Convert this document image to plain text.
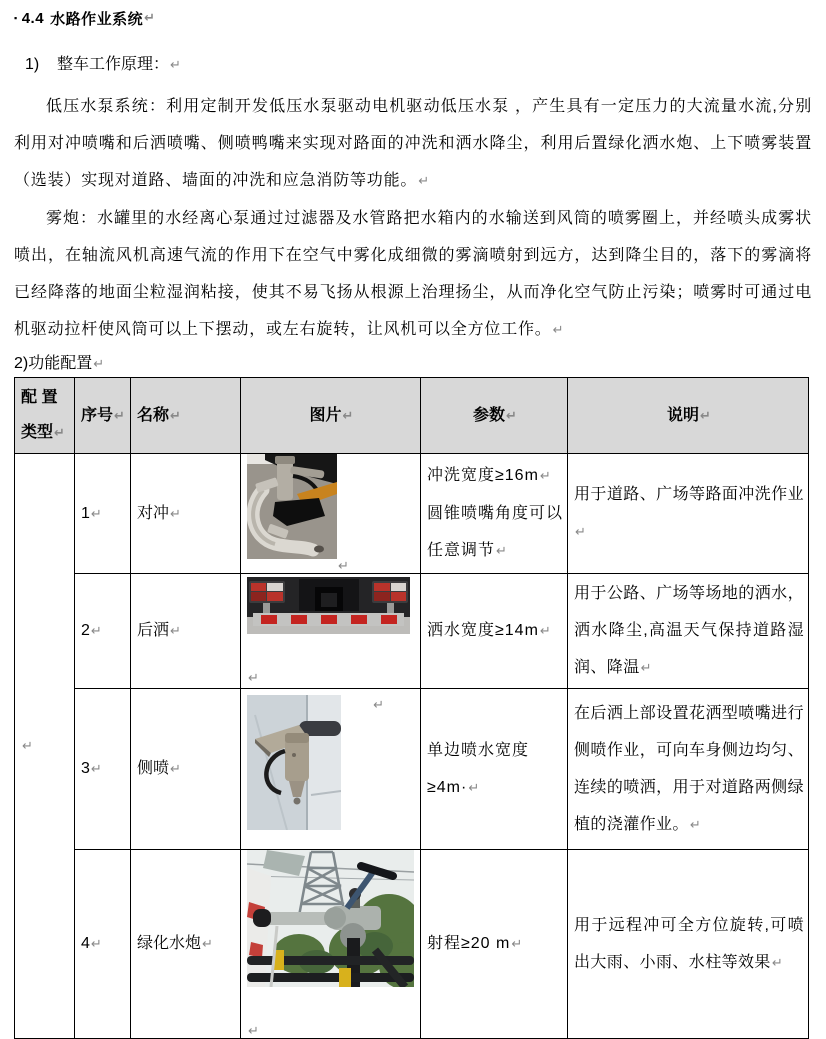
▪ 4.4 水路作业系统 ↵
1) 整车工作原理：↵
低压水泵系统：利用定制开发低压水泵驱动电机驱动低压水泵 ，产生具有一定压力的大流量水流,分别利用对冲喷嘴和后洒喷嘴、侧喷鸭嘴来实现对路面的冲洗和洒水降尘，利用后置绿化洒水炮、上下喷雾装置（选装）实现对道路、墙面的冲洗和应急消防等功能。↵
雾炮：水罐里的水经离心泵通过过滤器及水管路把水箱内的水输送到风筒的喷雾圈上，并经喷头成雾状喷出，在轴流风机高速气流的作用下在空气中雾化成细微的雾滴喷射到远方，达到降尘目的，落下的雾滴将已经降落的地面尘粒湿润粘接，使其不易飞扬从根源上治理扬尘，从而净化空气防止污染；喷雾时可通过电机驱动拉杆使风筒可以上下摆动，或左右旋转，让风机可以全方位工作。↵
2)功能配置↵
配 置
类型↵	序号↵	名称↵	图片↵	参数↵	说明↵
↵	1↵	对冲↵	↵	冲洗宽度≥16m↵
圆锥喷嘴角度可以任意调节↵	用于道路、广场等路面冲洗作业↵
	2↵	后洒↵	↵	洒水宽度≥14m↵	用于公路、广场等场地的洒水，洒水降尘,高温天气保持道路湿润、降温↵
	3↵	侧喷↵	↵	单边喷水宽度≥4m·↵	在后洒上部设置花洒型喷嘴进行侧喷作业，可向车身侧边均匀、连续的喷洒，用于对道路两侧绿植的浇灌作业。↵
	4↵	绿化水炮↵	↵	射程≥20 m↵	用于远程冲可全方位旋转,可喷出大雨、小雨、水柱等效果↵
